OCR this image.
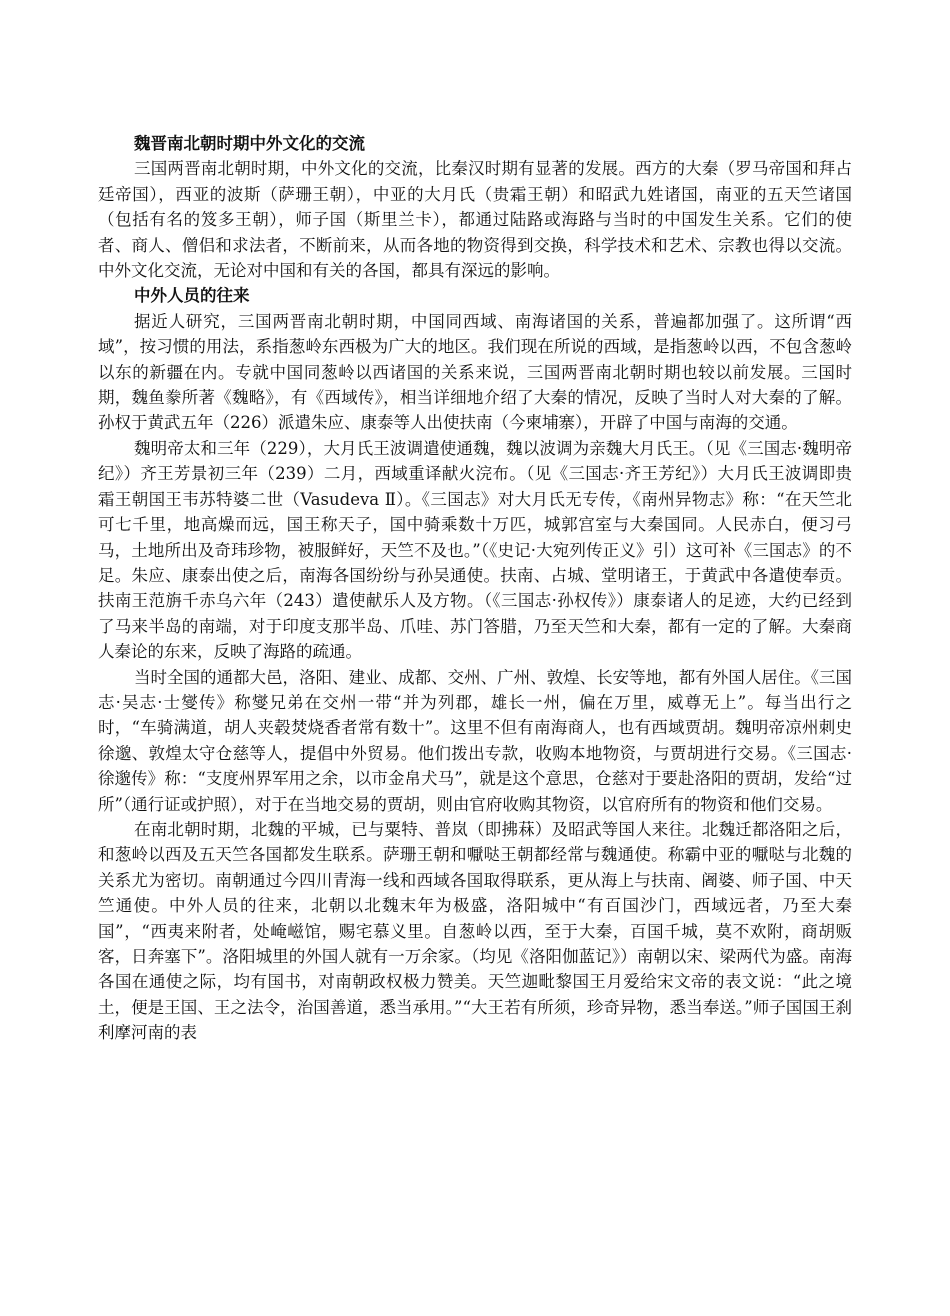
魏晋南北朝时期中外文化的交流

三国两晋南北朝时期，中外文化的交流，比秦汉时期有显著的发展。西方的大秦（罗马帝国和拜占廷帝国），西亚的波斯（萨珊王朝），中亚的大月氏（贵霜王朝）和昭武九姓诸国，南亚的五天竺诸国（包括有名的笈多王朝），师子国（斯里兰卡），都通过陆路或海路与当时的中国发生关系。它们的使者、商人、僧侣和求法者，不断前来，从而各地的物资得到交换，科学技术和艺术、宗教也得以交流。中外文化交流，无论对中国和有关的各国，都具有深远的影响。

中外人员的往来

据近人研究，三国两晋南北朝时期，中国同西域、南海诸国的关系，普遍都加强了。这所谓“西域”，按习惯的用法，系指葱岭东西极为广大的地区。我们现在所说的西域，是指葱岭以西，不包含葱岭以东的新疆在内。专就中国同葱岭以西诸国的关系来说，三国两晋南北朝时期也较以前发展。三国时期，魏鱼豢所著《魏略》，有《西域传》，相当详细地介绍了大秦的情况，反映了当时人对大秦的了解。孙权于黄武五年（226）派遣朱应、康泰等人出使扶南（今柬埔寨），开辟了中国与南海的交通。

魏明帝太和三年（229），大月氏王波调遣使通魏，魏以波调为亲魏大月氏王。（见《三国志·魏明帝纪》）齐王芳景初三年（239）二月，西域重译献火浣布。（见《三国志·齐王芳纪》）大月氏王波调即贵霜王朝国王韦苏特婆二世（Vasudeva Ⅱ）。《三国志》对大月氏无专传，《南州异物志》称：“在天竺北可七千里，地高燥而远，国王称天子，国中骑乘数十万匹，城郭宫室与大秦国同。人民赤白，便习弓马，土地所出及奇玮珍物，被服鲜好，天竺不及也。”（《史记·大宛列传正义》引）这可补《三国志》的不足。朱应、康泰出使之后，南海各国纷纷与孙吴通使。扶南、占城、堂明诸王，于黄武中各遣使奉贡。扶南王范旃千赤乌六年（243）遣使献乐人及方物。（《三国志·孙权传》）康泰诸人的足迹，大约已经到了马来半岛的南端，对于印度支那半岛、爪哇、苏门答腊，乃至天竺和大秦，都有一定的了解。大秦商人秦论的东来，反映了海路的疏通。

当时全国的通都大邑，洛阳、建业、成都、交州、广州、敦煌、长安等地，都有外国人居住。《三国志·吴志·士燮传》称燮兄弟在交州一带“并为列郡，雄长一州，偏在万里，威尊无上”。每当出行之时，“车骑满道，胡人夹毂焚烧香者常有数十”。这里不但有南海商人，也有西域贾胡。魏明帝凉州刺史徐邈、敦煌太守仓慈等人，提倡中外贸易。他们拨出专款，收购本地物资，与贾胡进行交易。《三国志·徐邈传》称：“支度州界军用之余，以市金帛犬马”，就是这个意思，仓慈对于要赴洛阳的贾胡，发给“过所”（通行证或护照），对于在当地交易的贾胡，则由官府收购其物资，以官府所有的物资和他们交易。

在南北朝时期，北魏的平城，已与粟特、普岚（即拂菻）及昭武等国人来往。北魏迁都洛阳之后，和葱岭以西及五天竺各国都发生联系。萨珊王朝和嚈哒王朝都经常与魏通使。称霸中亚的嚈哒与北魏的关系尤为密切。南朝通过今四川青海一线和西域各国取得联系，更从海上与扶南、阇婆、师子国、中天竺通使。中外人员的往来，北朝以北魏末年为极盛，洛阳城中“有百国沙门，西域远者，乃至大秦国”，“西夷来附者，处崦嵫馆，赐宅慕义里。自葱岭以西，至于大秦，百国千城，莫不欢附，商胡贩客，日奔塞下”。洛阳城里的外国人就有一万余家。（均见《洛阳伽蓝记》）南朝以宋、梁两代为盛。南海各国在通使之际，均有国书，对南朝政权极力赞美。天竺迦毗黎国王月爱给宋文帝的表文说：“此之境土，便是王国、王之法令，治国善道，悉当承用。”“大王若有所须，珍奇异物，悉当奉送。”师子国国王刹利摩河南的表
